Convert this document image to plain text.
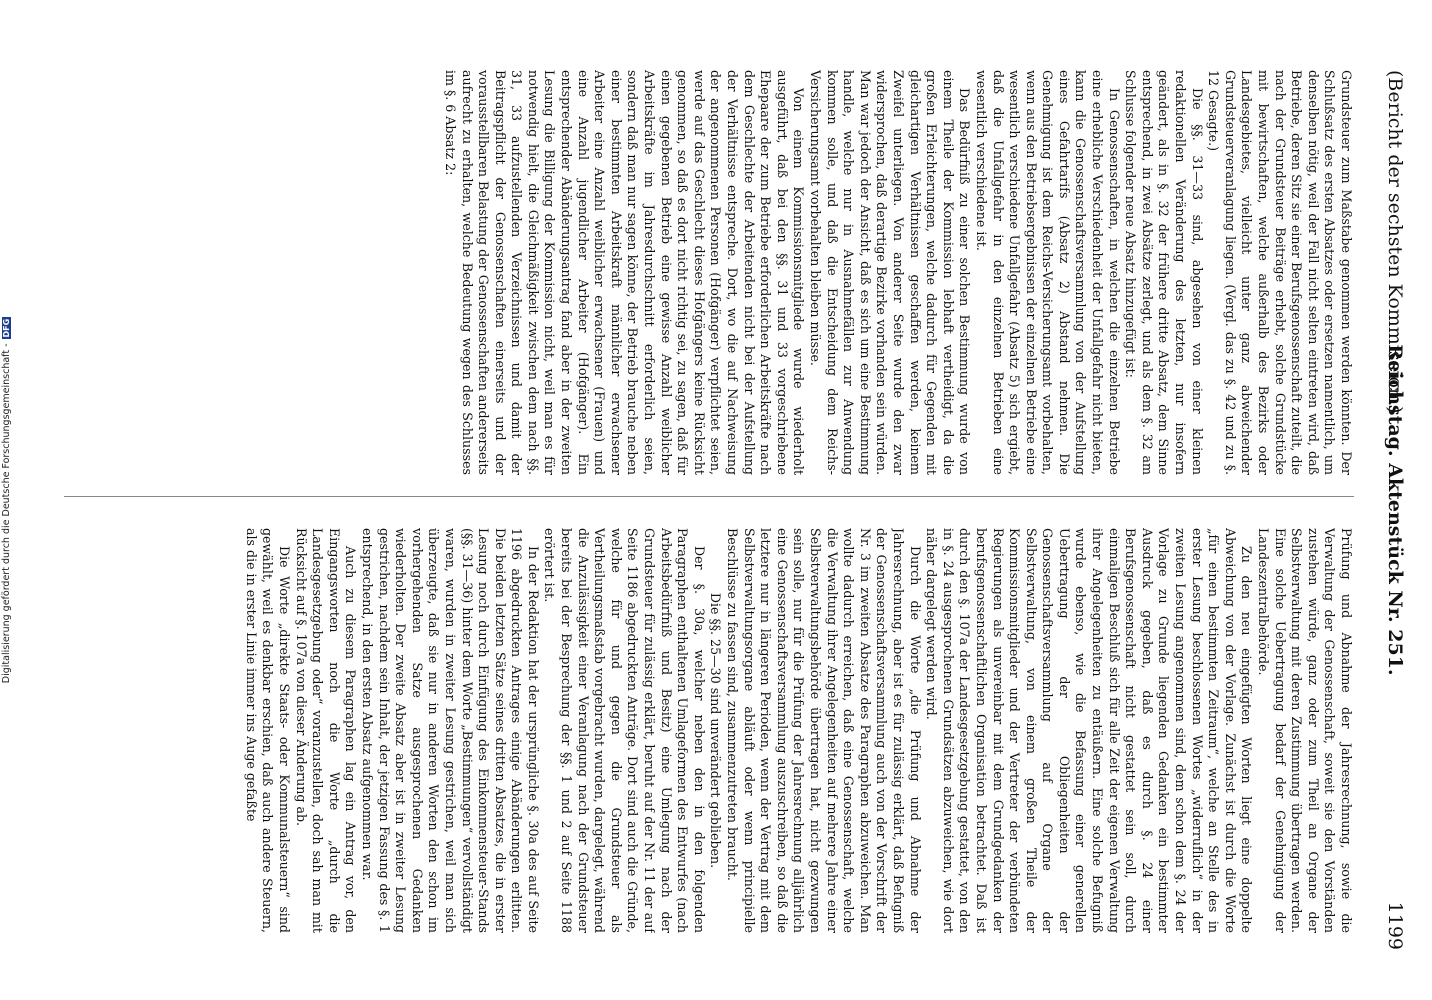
Digitalisierung gefördert durch die Deutsche Forschungsgemeinschaft -DFG	(Bericht der sechsten Kommission.)
Reichstag. Aktenstück Nr. 251.
1199

Grundsteuer zum Maßstabe genommen werden könnten. Der Schlußsatz des ersten Absatzes oder ersetzen namentlich, um denselben nötig, weil der Fall nicht selten eintreten wird, daß Betriebe, deren Sitz sie einer Berufsgenossenschaft zuteilt, die nach der Grundsteuer Beiträge erhebt, solche Grundstücke mit bewirtschaften, welche außerhalb des Bezirks oder Landesgebietes, vielleicht unter ganz abweichender Grundsteuerveranlagung liegen. (Vergl. das zu §. 42 und zu §. 12 Gesagte.)

Die §§. 31—33 sind, abgesehen von einer kleinen redaktionellen Veränderung des letzten, nur insofern geändert, als in §. 32 der frühere dritte Absatz, dem Sinne entsprechend, in zwei Absätze zerlegt, und als dem §. 32 am Schlusse folgender neue Absatz hinzugefügt ist:

In Genossenschaften, in welchen die einzelnen Betriebe eine erhebliche Verschiedenheit der Unfallgefahr nicht bieten, kann die Genossenschaftsversammlung von der Aufstellung eines Gefahrtarifs (Absatz 2) Abstand nehmen. Die Genehmigung ist dem Reichs-Versicherungsamt vorbehalten, wenn aus den Betriebsergebnissen der einzelnen Betriebe eine wesentlich verschiedene Unfallgefahr (Absatz 5) sich ergiebt, daß die Unfallgefahr in den einzelnen Betrieben eine wesentlich verschiedene ist.

Das Bedürfniß zu einer solchen Bestimmung wurde von einem Theile der Kommission lebhaft vertheidigt, da die großen Erleichterungen, welche dadurch für Gegenden mit gleichartigen Verhältnissen geschaffen werden, keinem Zweifel unterliegen. Von anderer Seite wurde den zwar widersprochen, daß derartige Bezirke vorhanden sein würden. Man war jedoch der Ansicht, daß es sich um eine Bestimmung handle, welche nur in Ausnahmefällen zur Anwendung kommen solle, und daß die Entscheidung dem Reichs-Versicherungsamt vorbehalten bleiben müsse.

Von einem Kommissionsmitgliede wurde wiederholt ausgeführt, daß bei den §§. 31 und 33 vorgeschriebene Ehepaare der zum Betriebe erforderlichen Arbeitskräfte nach dem Geschlechte der Arbeitenden nicht bei der Aufstellung der Verhältnisse entspreche. Dort, wo die auf Nachweisung der angenommenen Personen (Hofgänger) verpflichtet seien, werde auf das Geschlecht dieses Hofgängers keine Rücksicht genommen, so daß es dort nicht richtig sei, zu sagen, daß für einen gegebenen Betrieb eine gewisse Anzahl weiblicher Arbeitskräfte im Jahresdurchschnitt erforderlich seien, sondern daß man nur sagen könne, der Betrieb brauche neben einer bestimmten Arbeitskraft männlicher erwachsener Arbeiter eine Anzahl weiblicher erwachsener (Frauen) und eine Anzahl jugendlicher Arbeiter (Hofgänger). Ein entsprechender Abänderungsantrag fand aber in der zweiten Lesung die Billigung der Kommission nicht, weil man es für notwendig hielt, die Gleichmäßigkeit zwischen dem nach §§. 31, 33 aufzustellenden Verzeichnissen und damit der Beitragspflicht der Genossenschaften einerseits und der vorausstellbaren Belastung der Genossenschaften andererseits aufrecht zu erhalten, welche Bedeutung wegen des Schlusses im §. 6 Absatz 2:

Prüfung und Abnahme der Jahresrechnung, sowie die Verwaltung der Genossenschaft, soweit sie den Vorständen zustehen würde, ganz oder zum Theil an Organe der Selbstverwaltung mit deren Zustimmung übertragen werden. Eine solche Uebertragung bedarf der Genehmigung der Landeszentralbehörde.

Zu den neu eingefügten Worten liegt eine doppelte Abweichung von der Vorlage. Zunächst ist durch die Worte „für einen bestimmten Zeitraum“, welche an Stelle des in erster Lesung beschlossenen Wortes „widerruflich“ in der zweiten Lesung angenommen sind, dem schon dem §. 24 der Vorlage zu Grunde liegenden Gedanken ein bestimmter Ausdruck gegeben, daß es durch §. 24 einer Berufsgenossenschaft nicht gestattet sein soll, durch einmaligen Beschluß sich für alle Zeit der eigenen Verwaltung ihrer Angelegenheiten zu entäußern. Eine solche Befugniß wurde ebenso, wie die Befassung einer generellen Uebertragung der Obliegenheiten der Genossenschaftsversammlung auf Organe der Selbstverwaltung, von einem großen Theile der Kommissionsmitglieder und der Vertreter der verbündeten Regierungen als unvereinbar mit dem Grundgedanken der berufsgenossenschaftlichen Organisation betrachtet. Daß ist durch den §. 107a der Landesgesetzgebung gestattet, von den in §. 24 ausgesprochenen Grundsätzen abzuweichen, wie dort näher dargelegt werden wird.

Durch die Worte „die Prüfung und Abnahme der Jahresrechnung, aber ist es für zulässig erklärt, daß Befugniß der Genossenschaftsversammlung auch von der Vorschrift der Nr. 3 im zweiten Absatze des Paragraphen abzuweichen. Man wollte dadurch erreichen, daß eine Genossenschaft, welche die Verwaltung ihrer Angelegenheiten auf mehrere Jahre einer Selbstverwaltungsbehörde übertragen hat, nicht gezwungen sein solle, nur für die Prüfung der Jahresrechnung alljährlich eine Genossenschaftsversammlung auszuschreiben, so daß die letztere nur in längeren Perioden, wenn der Vertrag mit dem Selbstverwaltungsorgane abläuft oder wenn principielle Beschlüsse zu fassen sind, zusammenzutreten braucht.

Die §§. 25—30 sind unverändert geblieben.

Der §. 30a, welcher neben den in den folgenden Paragraphen enthaltenen Umlageformen des Entwurfes (nach Arbeitsbedürfniß und Besitz) eine Umlegung nach der Grundsteuer für zulässig erklärt, beruht auf der Nr. 11 der auf Seite 1186 abgedruckten Anträge. Dort sind auch die Gründe, welche für und gegen die Grundsteuer als Vertheilungsmaßstab vorgebracht wurden, dargelegt, während die Anzulässigkeit einer Veranlagung nach der Grundsteuer bereits bei der Besprechung der §§. 1 und 2 auf Seite 1188 erörtert ist.

In der Redaktion hat der ursprüngliche §. 30a des auf Seite 1196 abgedruckten Antrages einige Abänderungen erlitten. Die beiden letzten Sätze seines dritten Absatzes, die in erster Lesung noch durch Einfügung des Einkommensteuer-Stands (§§. 31—36) hinter dem Worte „Bestimmungen“ vervollständigt waren, wurden in zweiter Lesung gestrichen, weil man sich überzeugte, daß sie nur in anderen Worten den schon im vorhergehenden Satze ausgesprochenen Gedanken wiederholten. Der zweite Absatz aber ist in zweiter Lesung gestrichen, nachdem sein Inhalt, der jetzigen Fassung des §. 1 entsprechend, in den ersten Absatz aufgenommen war.

Auch zu diesem Paragraphen lag ein Antrag vor, den Eingangsworten noch die Worte „durch die Landesgesetzgebung oder“ voranzustellen, doch sah man mit Rücksicht auf §. 107a von dieser Änderung ab.

Die Worte „direkte Staats- oder Kommunalsteuern“ sind gewählt, weil es denkbar erschien, daß auch andere Steuern, als die in erster Linie immer ins Auge gefaßte
